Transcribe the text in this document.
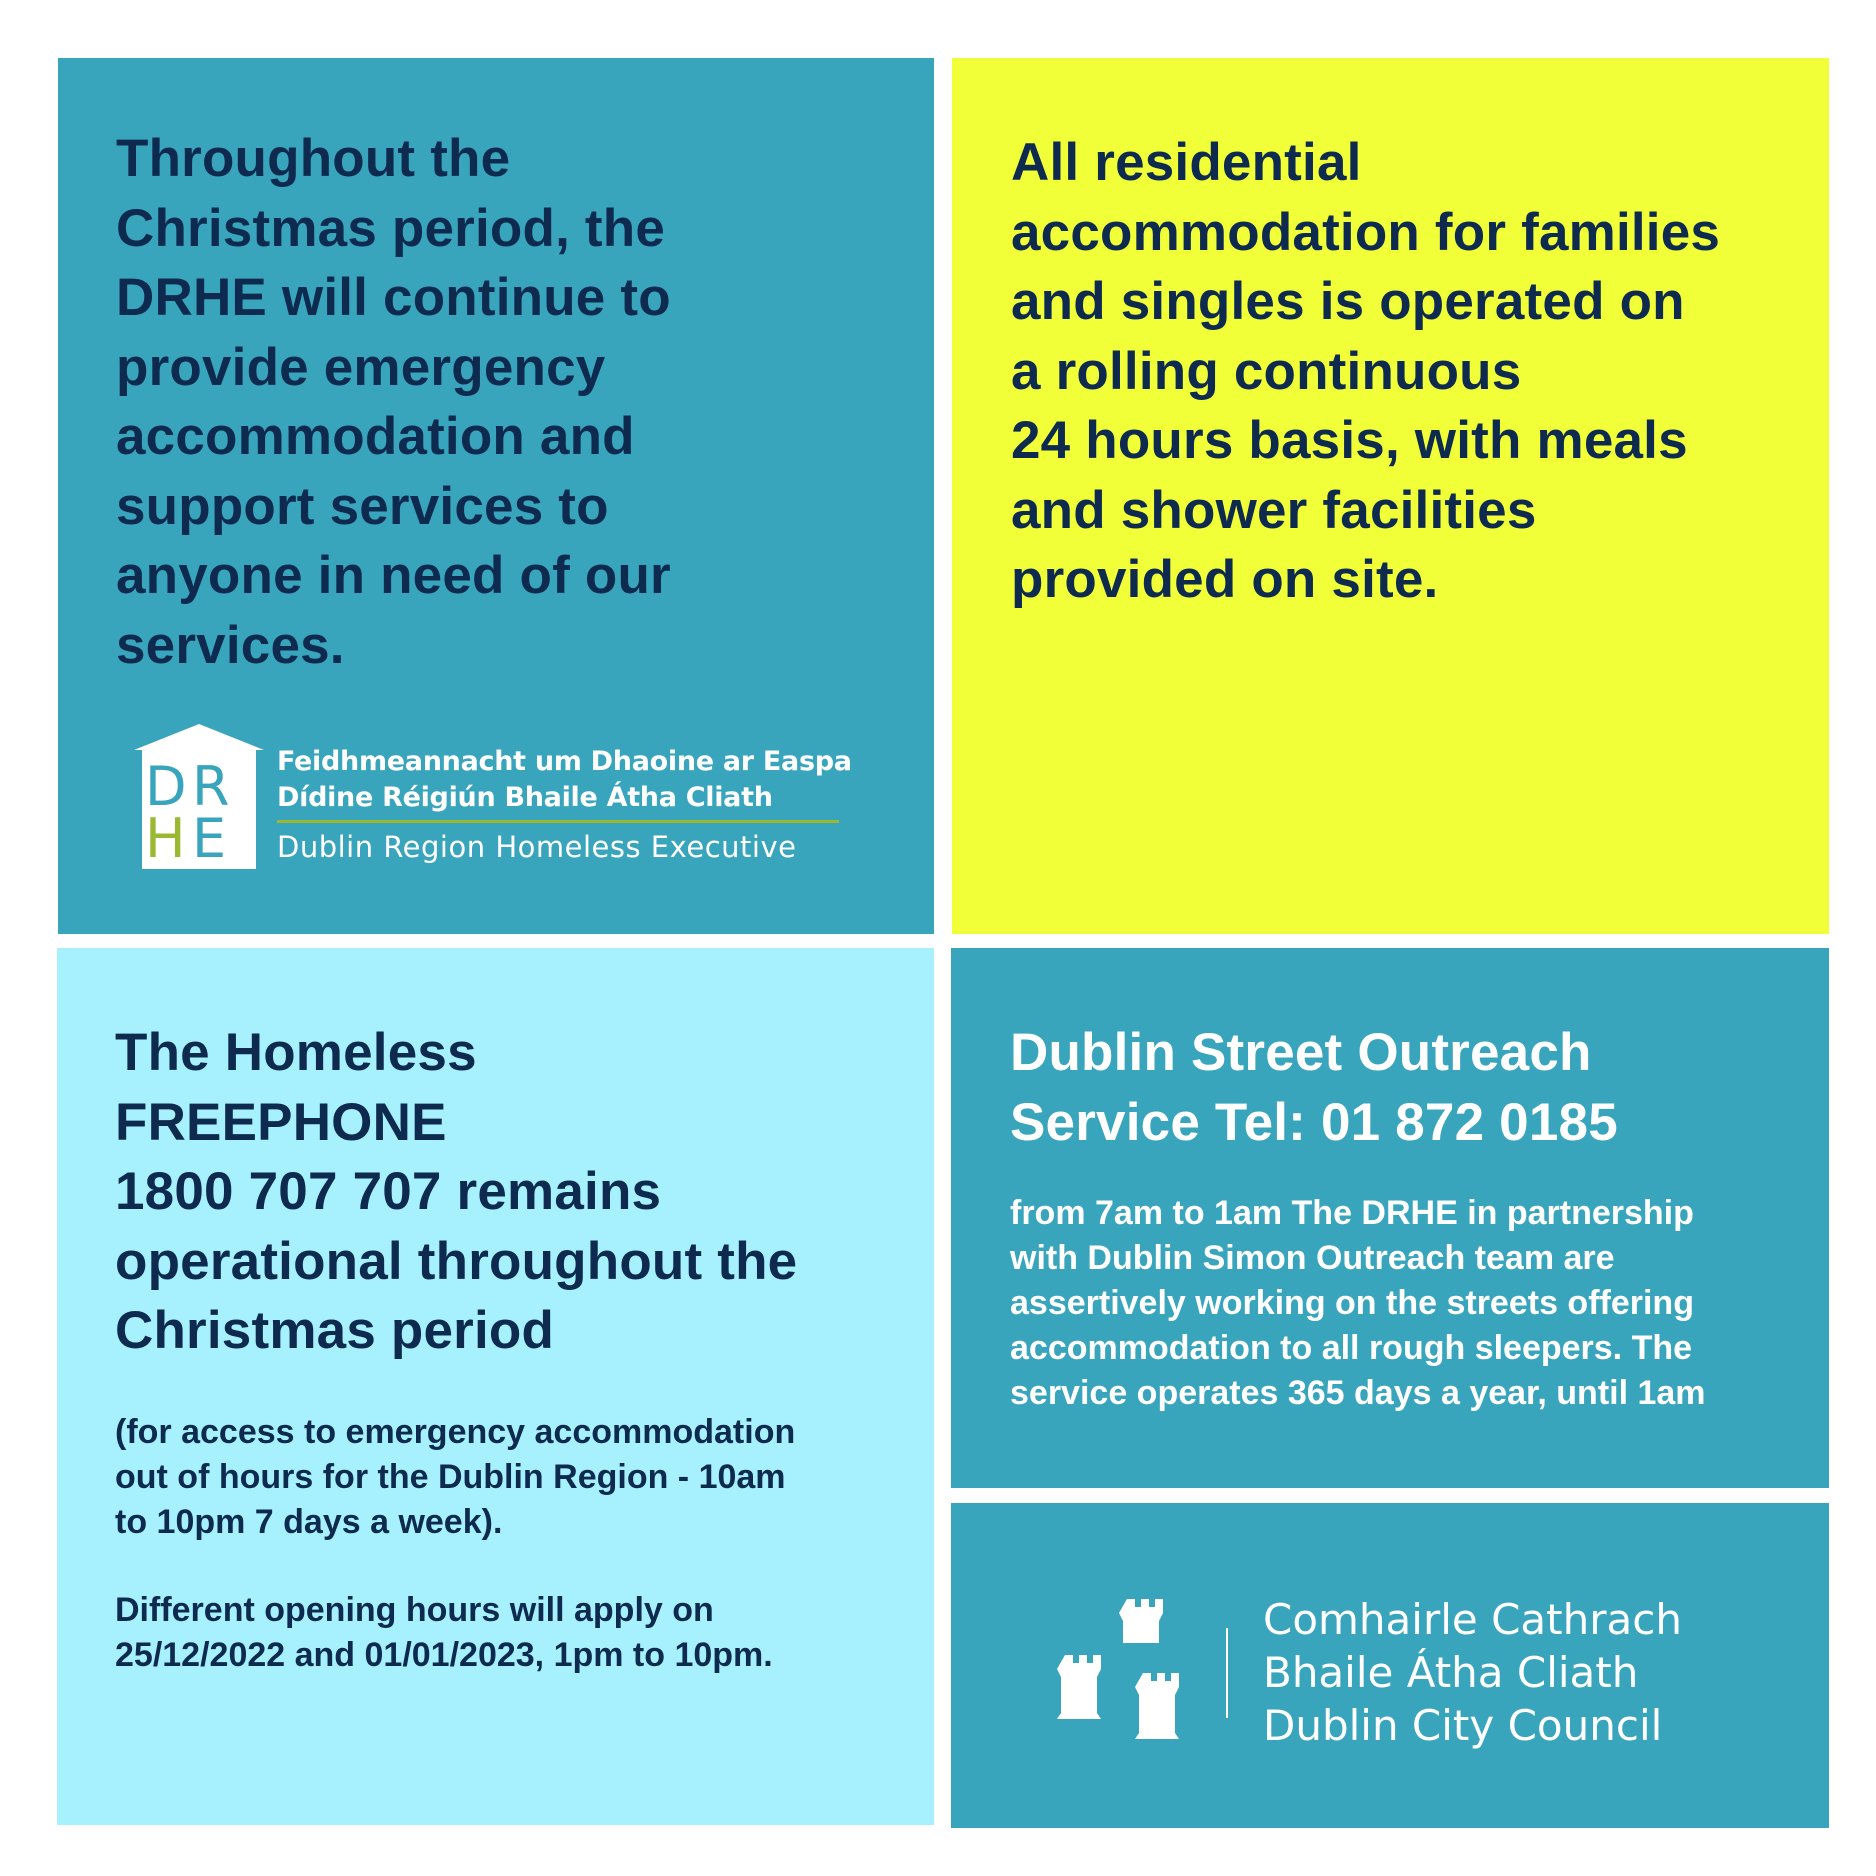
Throughout the
Christmas period, the
DRHE will continue to
provide emergency
accommodation and
support services to
anyone in need of our
services.

D R
H E
Feidhmeannacht um Dhaoine ar Easpa
Dídine Réigiún Bhaile Átha Cliath
Dublin Region Homeless Executive

All residential
accommodation for families
and singles is operated on
a rolling continuous
24 hours basis, with meals
and shower facilities
provided on site.

The Homeless
FREEPHONE
1800 707 707 remains
operational throughout the
Christmas period

(for access to emergency accommodation
out of hours for the Dublin Region - 10am
to 10pm 7 days a week).

Different opening hours will apply on
25/12/2022 and 01/01/2023, 1pm to 10pm.

Dublin Street Outreach
Service Tel: 01 872 0185

from 7am to 1am The DRHE in partnership
with Dublin Simon Outreach team are
assertively working on the streets offering
accommodation to all rough sleepers. The
service operates 365 days a year, until 1am

Comhairle Cathrach
Bhaile Átha Cliath
Dublin City Council
